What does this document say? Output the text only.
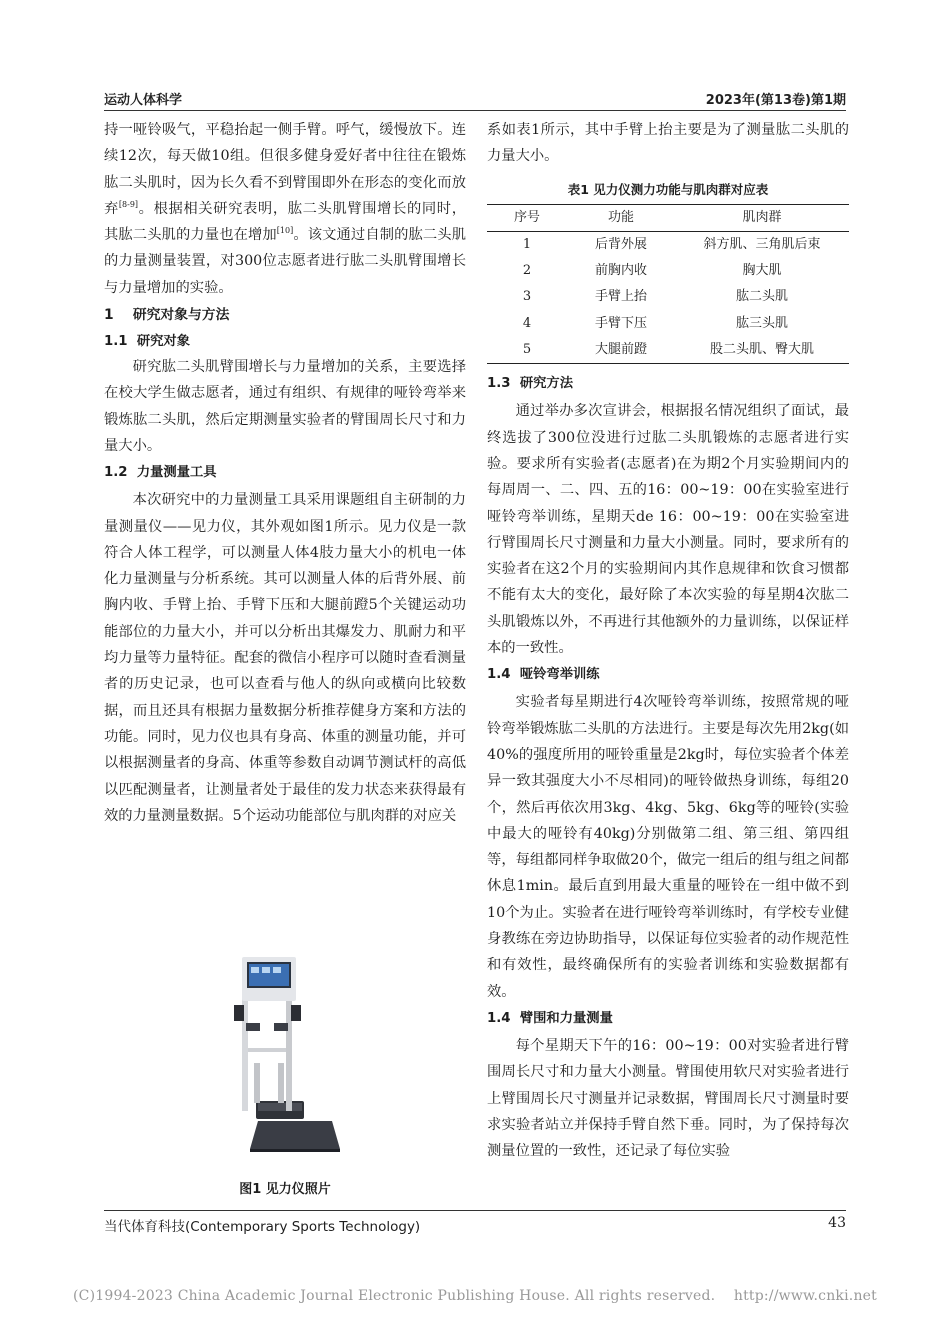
运动人体科学	2023年(第13卷)第1期

持一哑铃吸气，平稳抬起一侧手臂。呼气，缓慢放下。连续12次，每天做10组。但很多健身爱好者中往往在锻炼肱二头肌时，因为长久看不到臂围即外在形态的变化而放弃[8-9]。根据相关研究表明，肱二头肌臂围增长的同时，其肱二头肌的力量也在增加[10]。该文通过自制的肱二头肌的力量测量装置，对300位志愿者进行肱二头肌臂围增长与力量增加的实验。

1 研究对象与方法

1.1 研究对象

研究肱二头肌臂围增长与力量增加的关系，主要选择在校大学生做志愿者，通过有组织、有规律的哑铃弯举来锻炼肱二头肌，然后定期测量实验者的臂围周长尺寸和力量大小。

1.2 力量测量工具

本次研究中的力量测量工具采用课题组自主研制的力量测量仪——见力仪，其外观如图1所示。见力仪是一款符合人体工程学，可以测量人体4肢力量大小的机电一体化力量测量与分析系统。其可以测量人体的后背外展、前胸内收、手臂上抬、手臂下压和大腿前蹬5个关键运动功能部位的力量大小，并可以分析出其爆发力、肌耐力和平均力量等力量特征。配套的微信小程序可以随时查看测量者的历史记录，也可以查看与他人的纵向或横向比较数据，而且还具有根据力量数据分析推荐健身方案和方法的功能。同时，见力仪也具有身高、体重的测量功能，并可以根据测量者的身高、体重等参数自动调节测试杆的高低以匹配测量者，让测量者处于最佳的发力状态来获得最有效的力量测量数据。5个运动功能部位与肌肉群的对应关

图1 见力仪照片

系如表1所示，其中手臂上抬主要是为了测量肱二头肌的力量大小。

表1 见力仪测力功能与肌肉群对应表
序号	功能	肌肉群
1	后背外展	斜方肌、三角肌后束
2	前胸内收	胸大肌
3	手臂上抬	肱二头肌
4	手臂下压	肱三头肌
5	大腿前蹬	股二头肌、臀大肌

1.3 研究方法

通过举办多次宣讲会，根据报名情况组织了面试，最终选拔了300位没进行过肱二头肌锻炼的志愿者进行实验。要求所有实验者(志愿者)在为期2个月实验期间内的每周周一、二、四、五的16：00~19：00在实验室进行哑铃弯举训练，星期天de 16：00~19：00在实验室进行臂围周长尺寸测量和力量大小测量。同时，要求所有的实验者在这2个月的实验期间内其作息规律和饮食习惯都不能有太大的变化，最好除了本次实验的每星期4次肱二头肌锻炼以外，不再进行其他额外的力量训练，以保证样本的一致性。

1.4 哑铃弯举训练

实验者每星期进行4次哑铃弯举训练，按照常规的哑铃弯举锻炼肱二头肌的方法进行。主要是每次先用2kg(如40%的强度所用的哑铃重量是2kg时，每位实验者个体差异一致其强度大小不尽相同)的哑铃做热身训练，每组20个，然后再依次用3kg、4kg、5kg、6kg等的哑铃(实验中最大的哑铃有40kg)分别做第二组、第三组、第四组等，每组都同样争取做20个，做完一组后的组与组之间都休息1min。最后直到用最大重量的哑铃在一组中做不到10个为止。实验者在进行哑铃弯举训练时，有学校专业健身教练在旁边协助指导，以保证每位实验者的动作规范性和有效性，最终确保所有的实验者训练和实验数据都有效。

1.4 臂围和力量测量

每个星期天下午的16：00~19：00对实验者进行臂围周长尺寸和力量大小测量。臂围使用软尺对实验者进行上臂围周长尺寸测量并记录数据，臂围周长尺寸测量时要求实验者站立并保持手臂自然下垂。同时，为了保持每次测量位置的一致性，还记录了每位实验

当代体育科技(Contemporary Sports Technology)	43
(C)1994-2023 China Academic Journal Electronic Publishing House. All rights reserved.    http://www.cnki.net
